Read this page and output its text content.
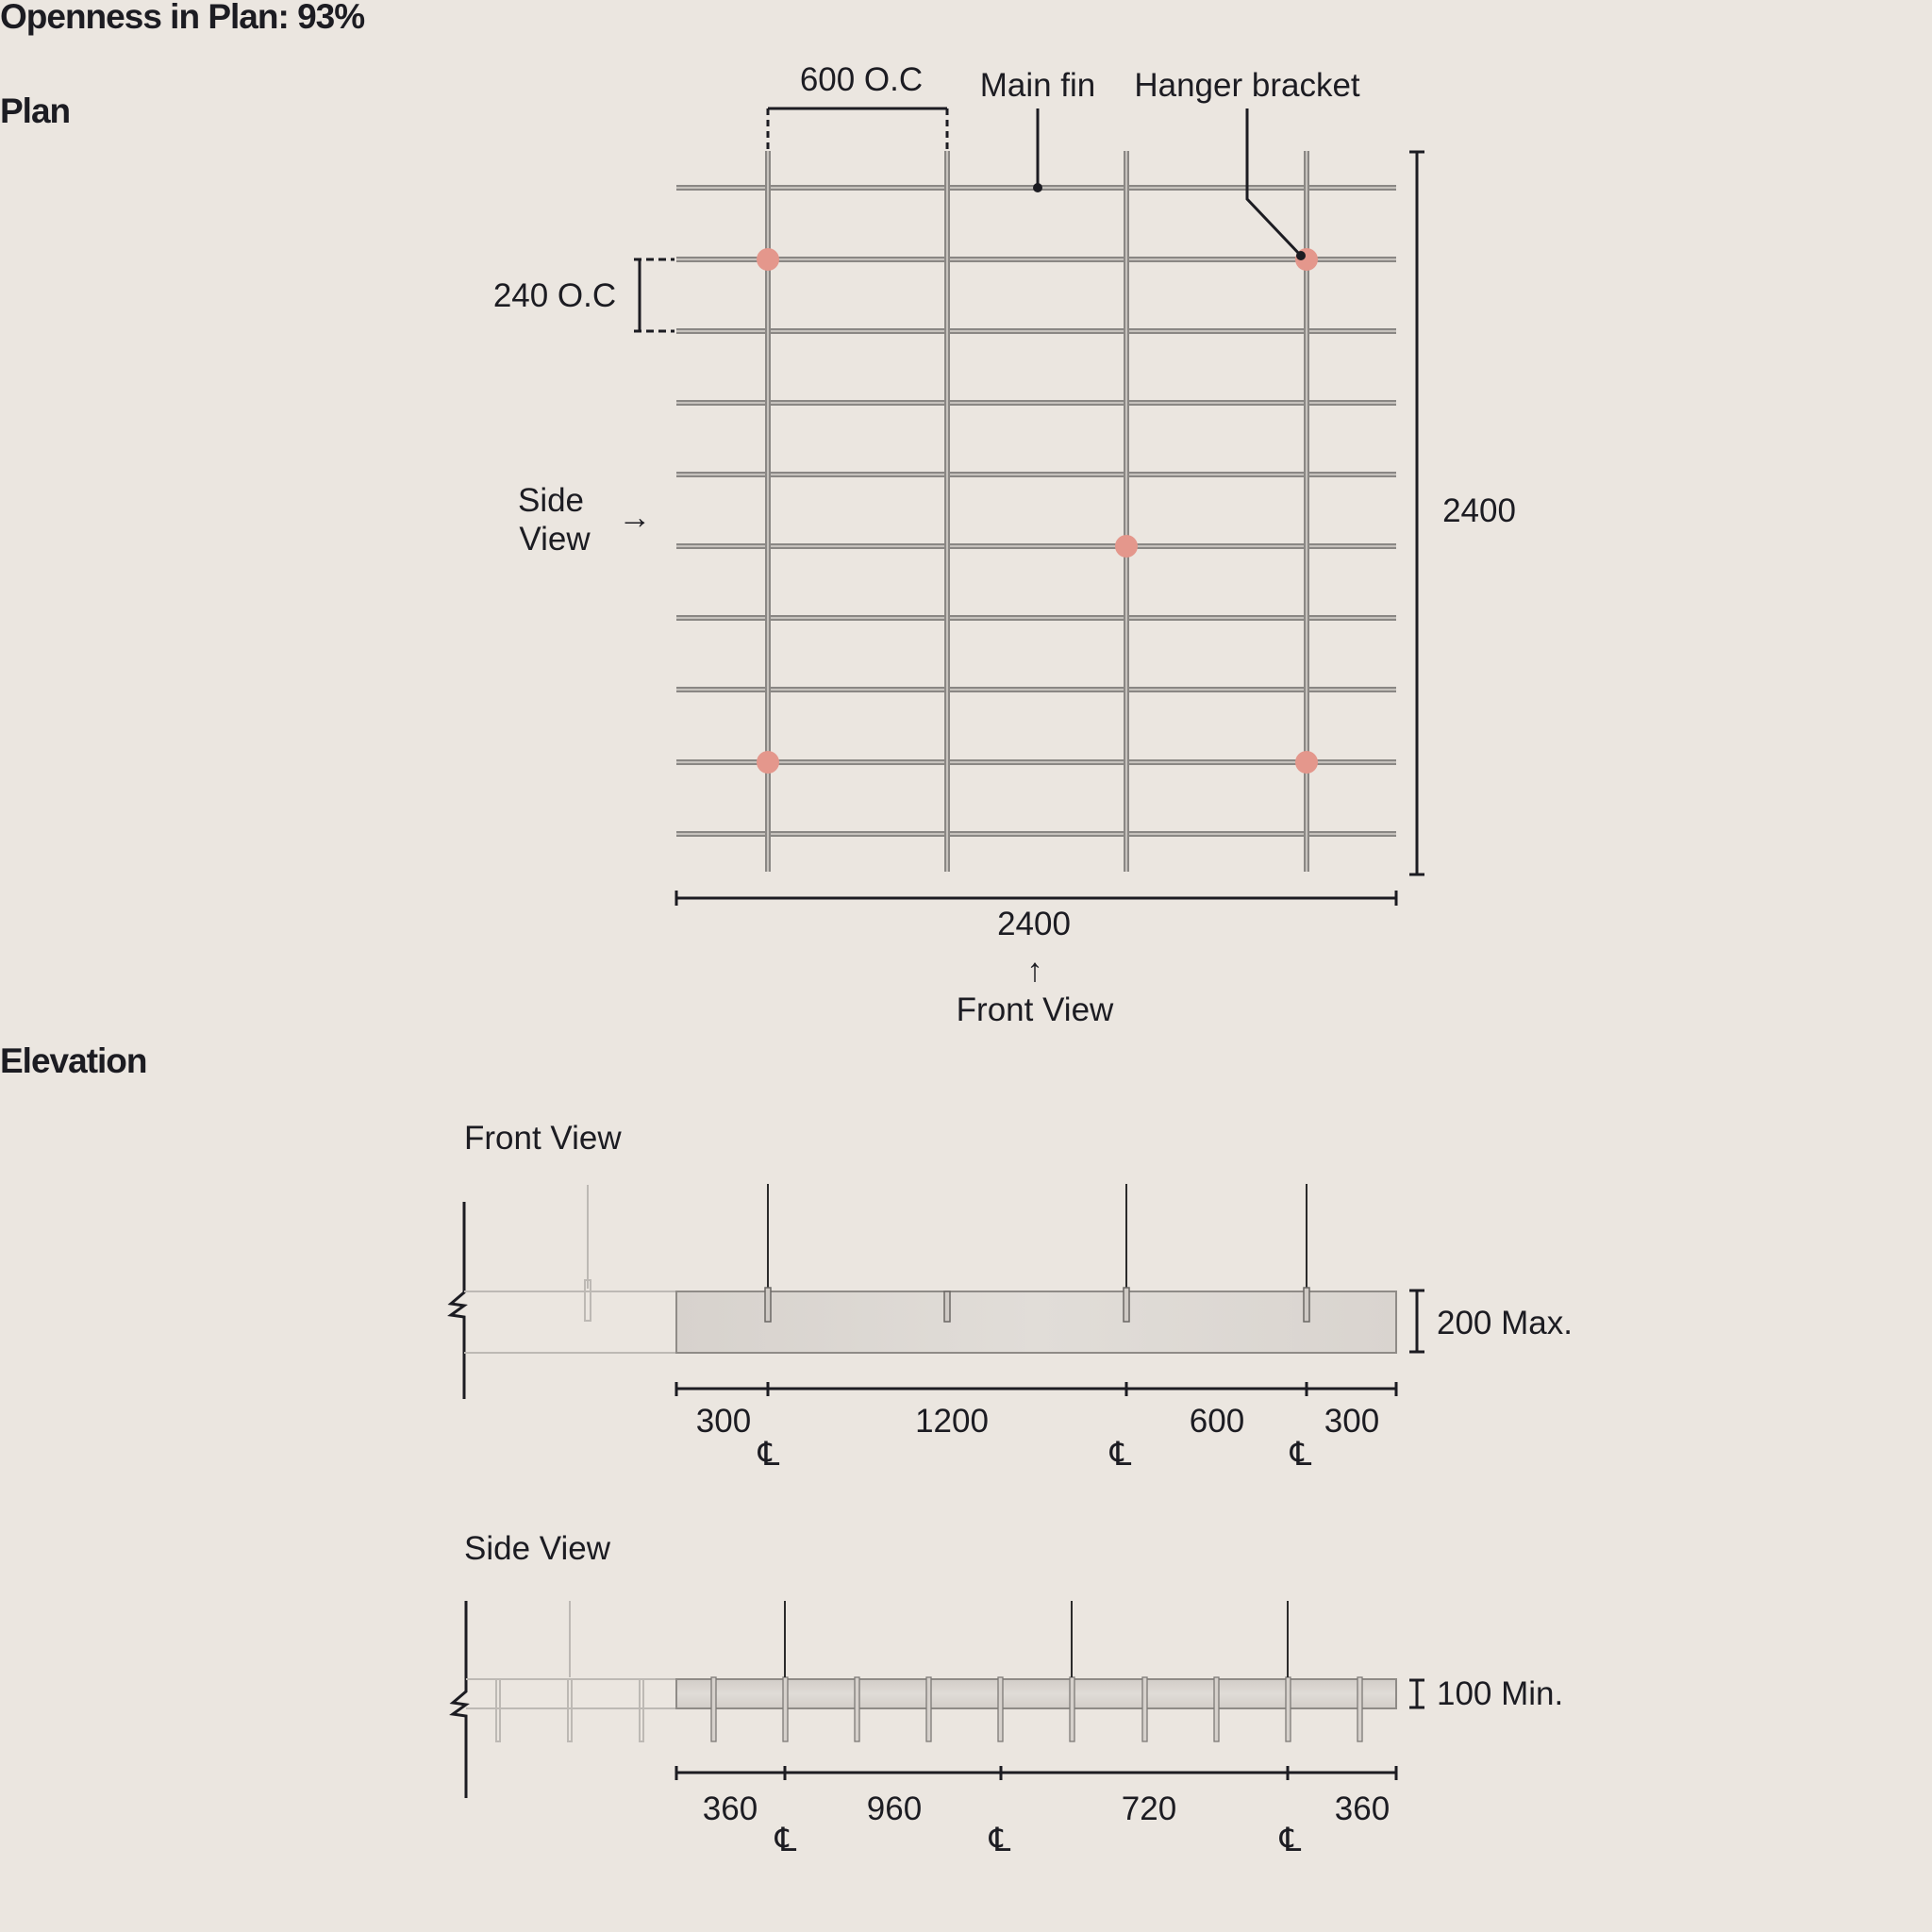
Openness in Plan: 93%
Plan
Elevation
600 O.C
240 O.C
Main fin Hanger bracket
Side
View
→	2400
2400
↑
Front View
Front View
200 Max.
300	1200	600 300
℄	℄	℄
Side View
100 Min.
360	960	720	360
℄	℄	℄
